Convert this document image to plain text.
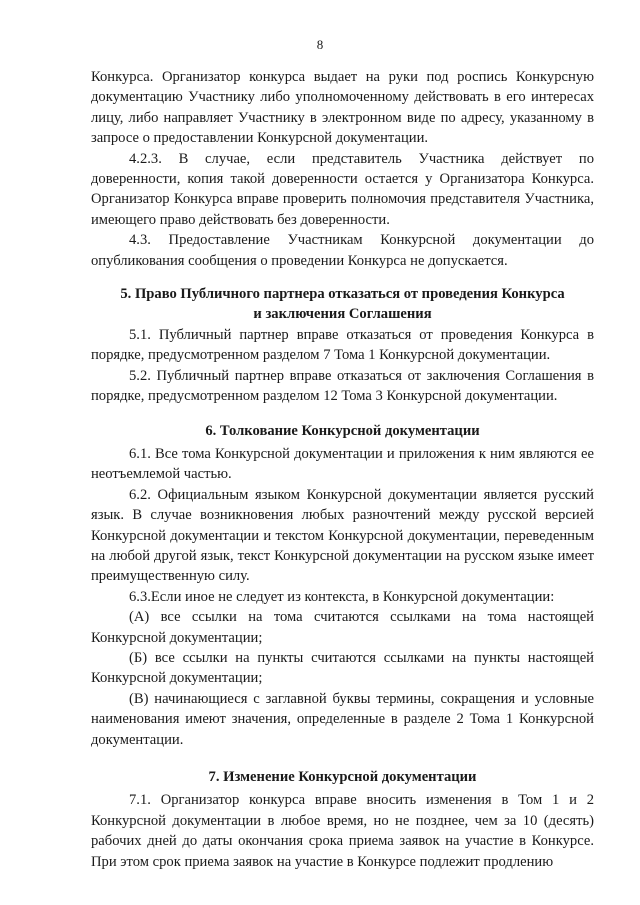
8

Конкурса. Организатор конкурса выдает на руки под роспись Конкурсную документацию Участнику либо уполномоченному действовать в его интересах лицу, либо направляет Участнику в электронном виде по адресу, указанному в запросе о предоставлении Конкурсной документации.

4.2.3. В случае, если представитель Участника действует по доверенности, копия такой доверенности остается у Организатора Конкурса. Организатор Конкурса вправе проверить полномочия представителя Участника, имеющего право действовать без доверенности.

4.3. Предоставление Участникам Конкурсной документации до опубликования сообщения о проведении Конкурса не допускается.

5. Право Публичного партнера отказаться от проведения Конкурса
и заключения Соглашения

5.1. Публичный партнер вправе отказаться от проведения Конкурса в порядке, предусмотренном разделом 7 Тома 1 Конкурсной документации.

5.2. Публичный партнер вправе отказаться от заключения Соглашения в порядке, предусмотренном разделом 12 Тома 3 Конкурсной документации.

6. Толкование Конкурсной документации

6.1. Все тома Конкурсной документации и приложения к ним являются ее неотъемлемой частью.

6.2. Официальным языком Конкурсной документации является русский язык. В случае возникновения любых разночтений между русской версией Конкурсной документации и текстом Конкурсной документации, переведенным на любой другой язык, текст Конкурсной документации на русском языке имеет преимущественную силу.

6.3.Если иное не следует из контекста, в Конкурсной документации:

(А) все ссылки на тома считаются ссылками на тома настоящей Конкурсной документации;

(Б) все ссылки на пункты считаются ссылками на пункты настоящей Конкурсной документации;

(В) начинающиеся с заглавной буквы термины, сокращения и условные наименования имеют значения, определенные в разделе 2 Тома 1 Конкурсной документации.

7. Изменение Конкурсной документации

7.1. Организатор конкурса вправе вносить изменения в Том 1 и 2 Конкурсной документации в любое время, но не позднее, чем за 10 (десять) рабочих дней до даты окончания срока приема заявок на участие в Конкурсе. При этом срок приема заявок на участие в Конкурсе подлежит продлению
